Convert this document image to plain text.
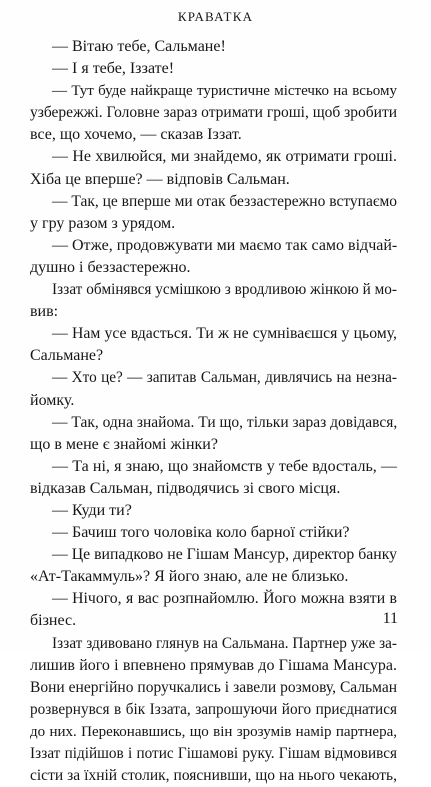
КРАВАТКА
— Вітаю тебе, Сальмане!
— І я тебе, Іззате!
— Тут буде найкраще туристичне містечко на всьому
узбережжі. Головне зараз отримати гроші, щоб зробити
все, що хочемо, — сказав Іззат.
— Не хвилюйся, ми знайдемо, як отримати гроші.
Хіба це вперше? — відповів Сальман.
— Так, це вперше ми отак беззастережно вступаємо
у гру разом з урядом.
— Отже, продовжувати ми маємо так само відчай-
душно і беззастережно.
Іззат обмінявся усмішкою з вродливою жінкою й мо-
вив:
— Нам усе вдасться. Ти ж не сумніваєшся у цьому,
Сальмане?
— Хто це? — запитав Сальман, дивлячись на незна-
йомку.
— Так, одна знайома. Ти що, тільки зараз довідався,
що в мене є знайомі жінки?
— Та ні, я знаю, що знайомств у тебе вдосталь, —
відказав Сальман, підводячись зі свого місця.
— Куди ти?
— Бачиш того чоловіка коло барної стійки?
— Це випадково не Гішам Мансур, директор банку
«Ат-Такаммуль»? Я його знаю, але не близько.
— Нічого, я вас розпнайомлю. Його можна взяти в
бізнес.
Іззат здивовано глянув на Сальмана. Партнер уже за-
лишив його і впевнено прямував до Гішама Мансура.
Вони енергійно поручкались і завели розмову, Сальман
розвернувся в бік Іззата, запрошуючи його приєднатися
до них. Переконавшись, що він зрозумів намір партнера,
Іззат підійшов і потис Гішамові руку. Гішам відмовився
сісти за їхній столик, пояснивши, що на нього чекають,

11
